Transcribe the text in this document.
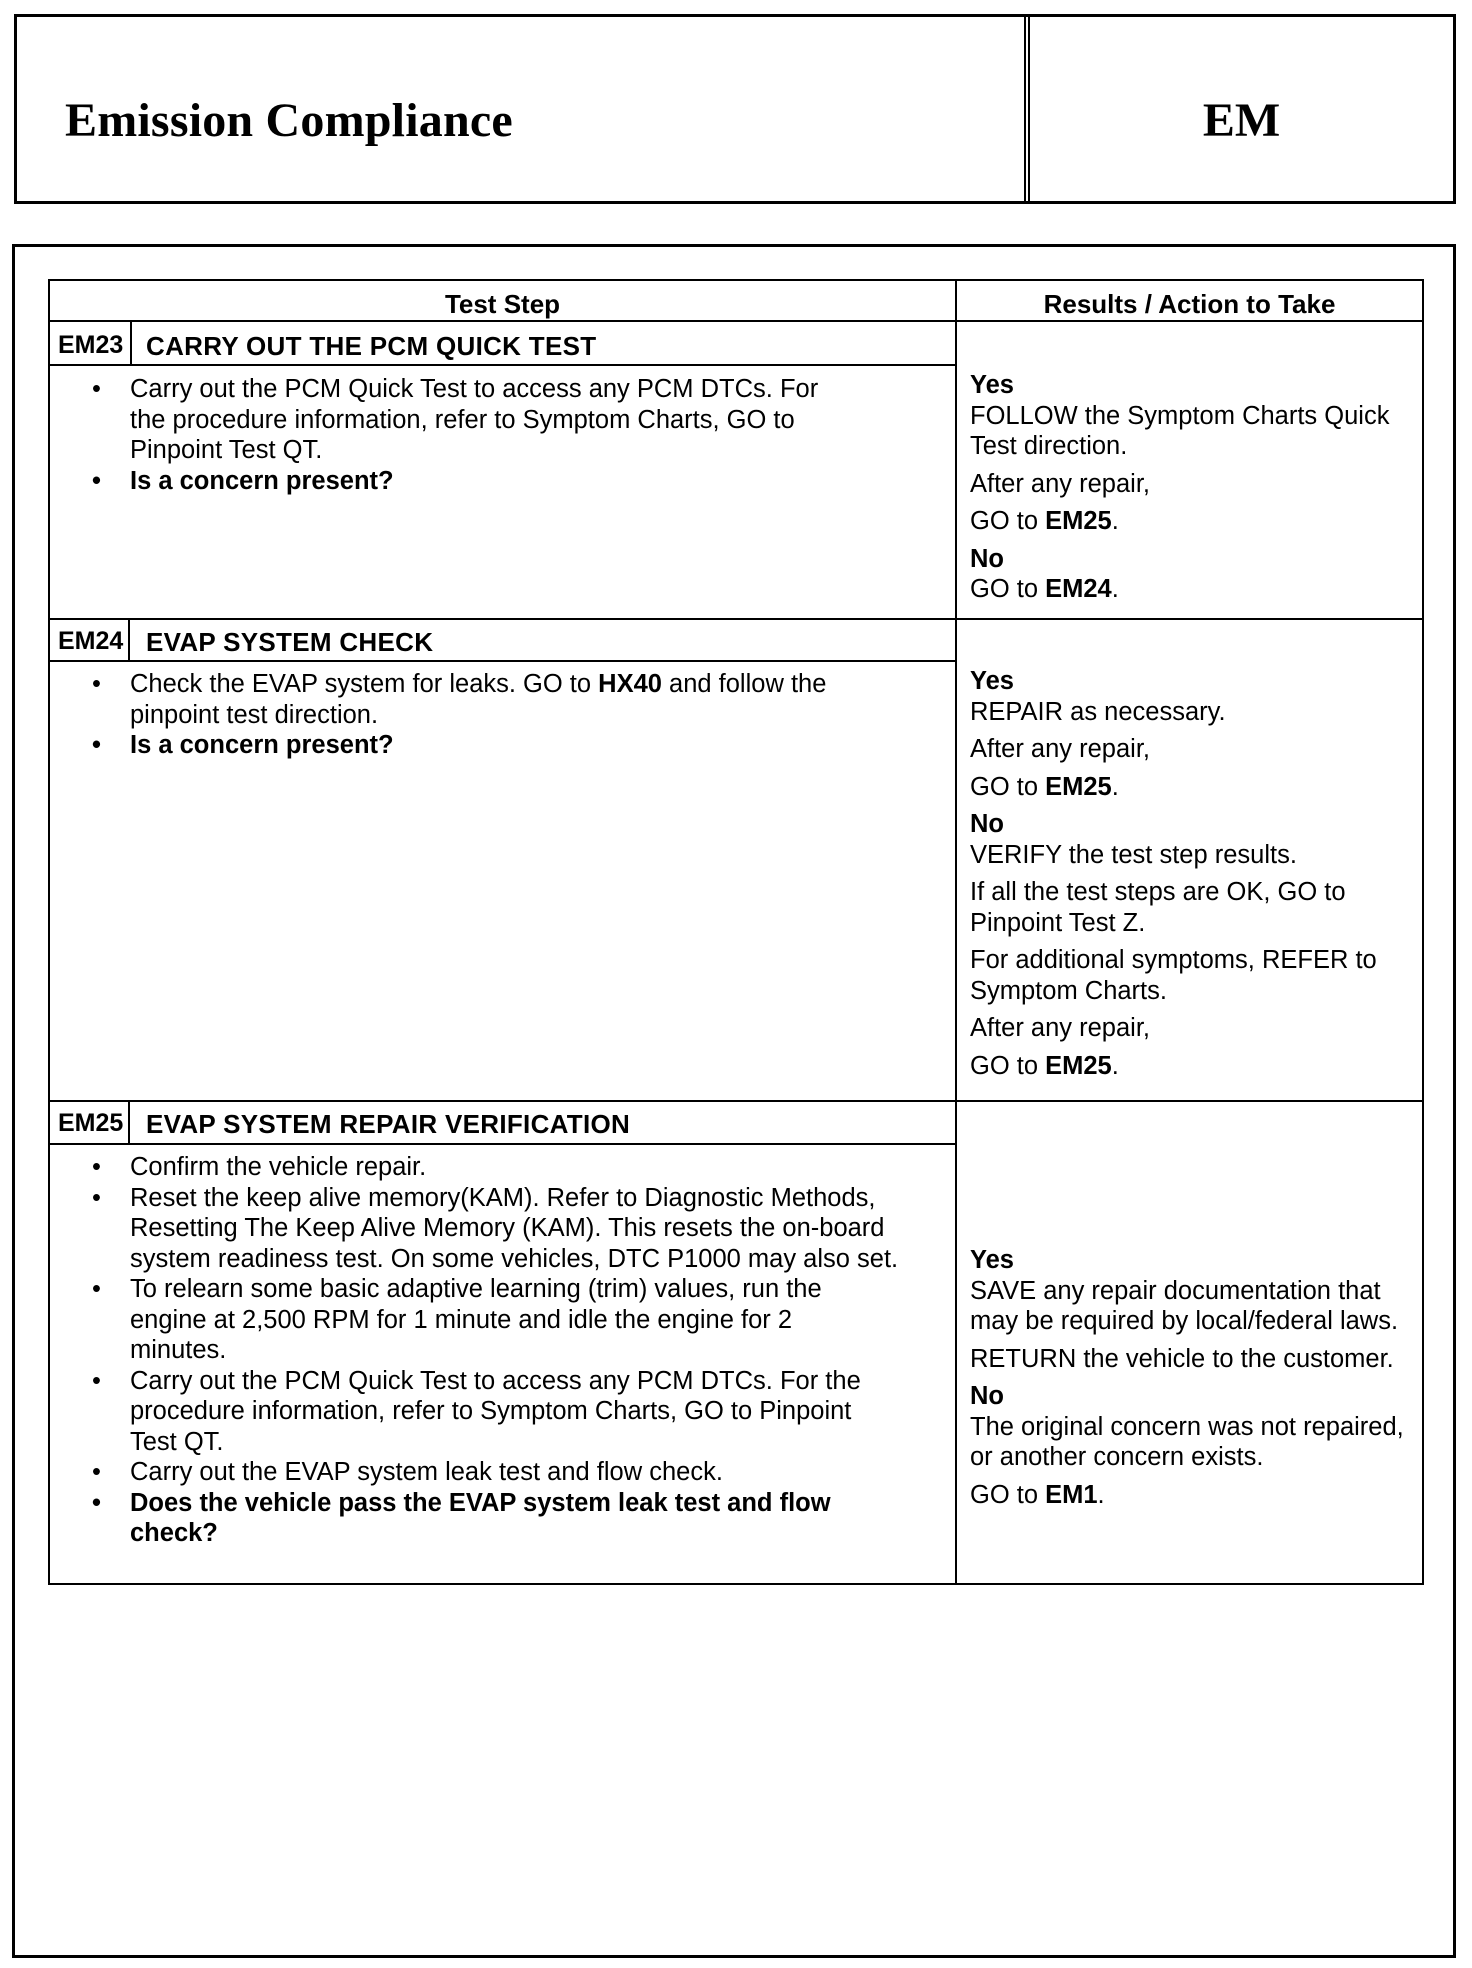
Emission Compliance	EM
Test Step	Results / Action to Take
EM23 CARRY OUT THE PCM QUICK TEST
• Carry out the PCM Quick Test to access any PCM DTCs. For the procedure information, refer to Symptom Charts, GO to Pinpoint Test QT.
• Is a concern present?

Yes

FOLLOW the Symptom Charts Quick Test direction.

After any repair,

GO to EM25.

No

GO to EM24.

EM24 EVAP SYSTEM CHECK
• Check the EVAP system for leaks. GO to HX40 and follow the pinpoint test direction.
• Is a concern present?

Yes

REPAIR as necessary.

After any repair,

GO to EM25.

No

VERIFY the test step results.

If all the test steps are OK, GO to Pinpoint Test Z.

For additional symptoms, REFER to Symptom Charts.

After any repair,

GO to EM25.

EM25 EVAP SYSTEM REPAIR VERIFICATION
• Confirm the vehicle repair.
• Reset the keep alive memory(KAM). Refer to Diagnostic Methods, Resetting The Keep Alive Memory (KAM). This resets the on-board system readiness test. On some vehicles, DTC P1000 may also set.
• To relearn some basic adaptive learning (trim) values, run the engine at 2,500 RPM for 1 minute and idle the engine for 2 minutes.
• Carry out the PCM Quick Test to access any PCM DTCs. For the procedure information, refer to Symptom Charts, GO to Pinpoint Test QT.
• Carry out the EVAP system leak test and flow check.
• Does the vehicle pass the EVAP system leak test and flow check?

Yes

SAVE any repair documentation that may be required by local/federal laws.

RETURN the vehicle to the customer.

No

The original concern was not repaired, or another concern exists.

GO to EM1.
